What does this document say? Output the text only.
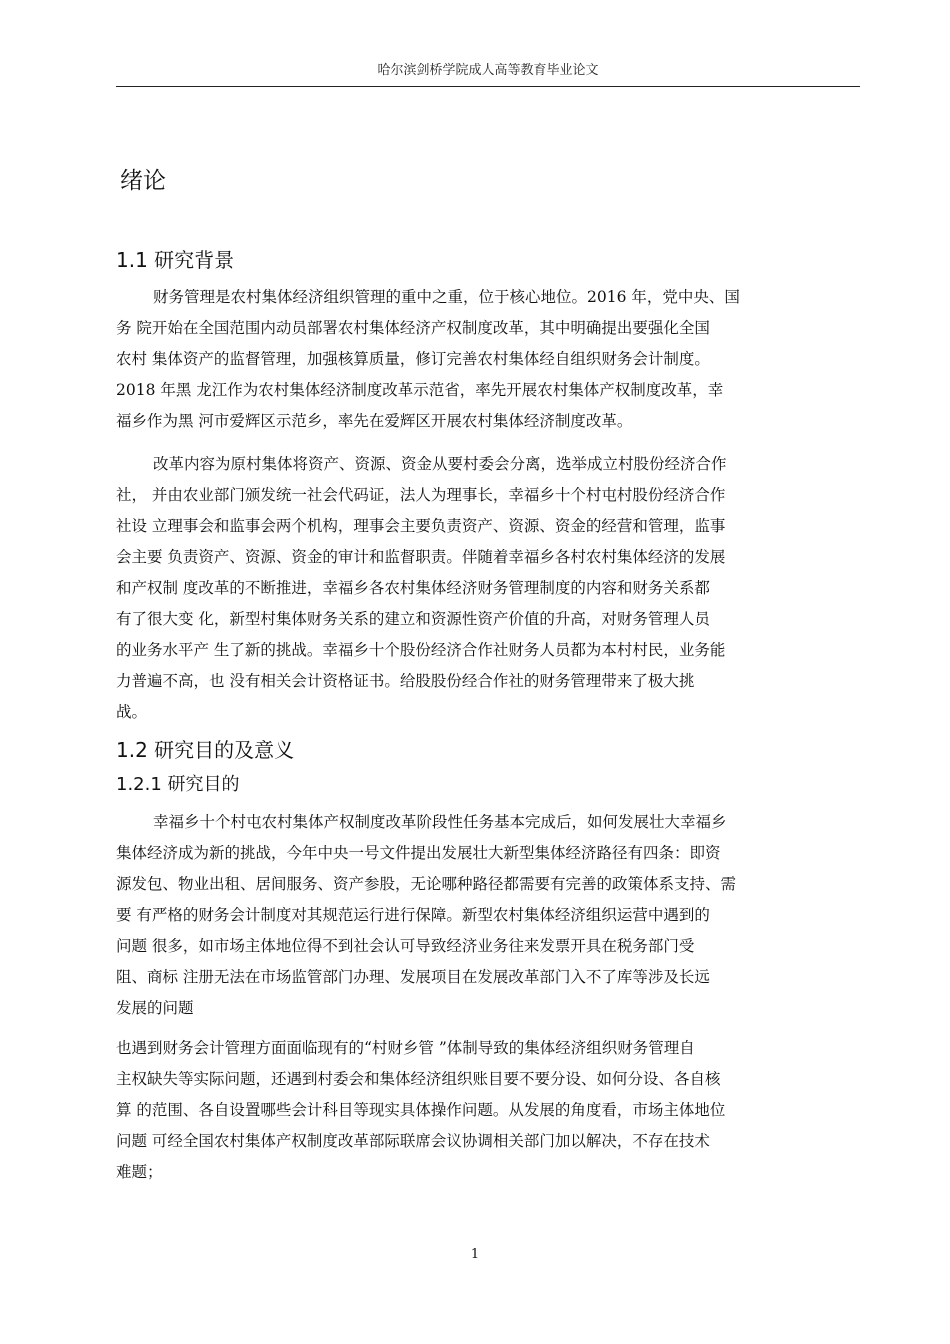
哈尔滨剑桥学院成人高等教育毕业论文
绪论
1.1 研究背景
财务管理是农村集体经济组织管理的重中之重，位于核心地位。2016 年，党中央、国
务 院开始在全国范围内动员部署农村集体经济产权制度改革，其中明确提出要强化全国
农村 集体资产的监督管理，加强核算质量，修订完善农村集体经自组织财务会计制度。
2018 年黑 龙江作为农村集体经济制度改革示范省，率先开展农村集体产权制度改革，幸
福乡作为黑 河市爱辉区示范乡，率先在爱辉区开展农村集体经济制度改革。
改革内容为原村集体将资产、资源、资金从要村委会分离，选举成立村股份经济合作
社， 并由农业部门颁发统一社会代码证，法人为理事长，幸福乡十个村屯村股份经济合作
社设 立理事会和监事会两个机构，理事会主要负责资产、资源、资金的经营和管理，监事
会主要 负责资产、资源、资金的审计和监督职责。伴随着幸福乡各村农村集体经济的发展
和产权制 度改革的不断推进，幸福乡各农村集体经济财务管理制度的内容和财务关系都
有了很大变 化，新型村集体财务关系的建立和资源性资产价值的升高，对财务管理人员
的业务水平产 生了新的挑战。幸福乡十个股份经济合作社财务人员都为本村村民，业务能
力普遍不高，也 没有相关会计资格证书。给股股份经合作社的财务管理带来了极大挑
战。
1.2 研究目的及意义
1.2.1 研究目的
幸福乡十个村屯农村集体产权制度改革阶段性任务基本完成后，如何发展壮大幸福乡
集体经济成为新的挑战，今年中央一号文件提出发展壮大新型集体经济路径有四条：即资
源发包、物业出租、居间服务、资产参股，无论哪种路径都需要有完善的政策体系支持、需
要 有严格的财务会计制度对其规范运行进行保障。新型农村集体经济组织运营中遇到的
问题 很多，如市场主体地位得不到社会认可导致经济业务往来发票开具在税务部门受
阻、商标 注册无法在市场监管部门办理、发展项目在发展改革部门入不了库等涉及长远
发展的问题
也遇到财务会计管理方面面临现有的“村财乡管 ”体制导致的集体经济组织财务管理自
主权缺失等实际问题，还遇到村委会和集体经济组织账目要不要分设、如何分设、各自核
算 的范围、各自设置哪些会计科目等现实具体操作问题。从发展的角度看，市场主体地位
问题 可经全国农村集体产权制度改革部际联席会议协调相关部门加以解决，不存在技术
难题；
1
